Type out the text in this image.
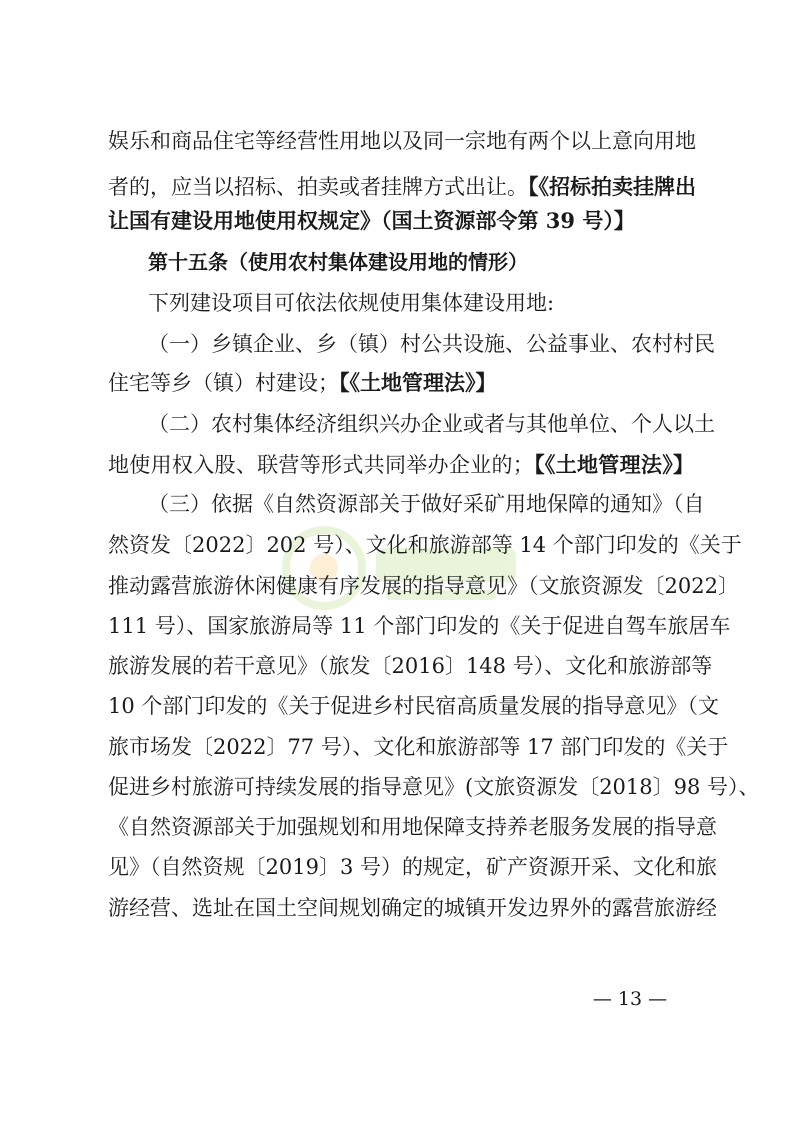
娱乐和商品住宅等经营性用地以及同一宗地有两个以上意向用地
者的，应当以招标、拍卖或者挂牌方式出让。【《招标拍卖挂牌出
让国有建设用地使用权规定》（国土资源部令第 39 号）】
第十五条（使用农村集体建设用地的情形）
下列建设项目可依法依规使用集体建设用地:
（一）乡镇企业、乡（镇）村公共设施、公益事业、农村村民
住宅等乡（镇）村建设；【《土地管理法》】
（二）农村集体经济组织兴办企业或者与其他单位、个人以土
地使用权入股、联营等形式共同举办企业的；【《土地管理法》】
（三）依据《自然资源部关于做好采矿用地保障的通知》（自
然资发〔2022〕202 号）、文化和旅游部等 14 个部门印发的《关于
推动露营旅游休闲健康有序发展的指导意见》（文旅资源发〔2022〕
111 号）、国家旅游局等 11 个部门印发的《关于促进自驾车旅居车
旅游发展的若干意见》（旅发〔2016〕148 号）、文化和旅游部等
10 个部门印发的《关于促进乡村民宿高质量发展的指导意见》（文
旅市场发〔2022〕77 号）、文化和旅游部等 17 部门印发的《关于
促进乡村旅游可持续发展的指导意见》(文旅资源发〔2018〕98 号）、
《自然资源部关于加强规划和用地保障支持养老服务发展的指导意
见》（自然资规〔2019〕3 号）的规定，矿产资源开采、文化和旅
游经营、选址在国土空间规划确定的城镇开发边界外的露营旅游经
— 13 —
